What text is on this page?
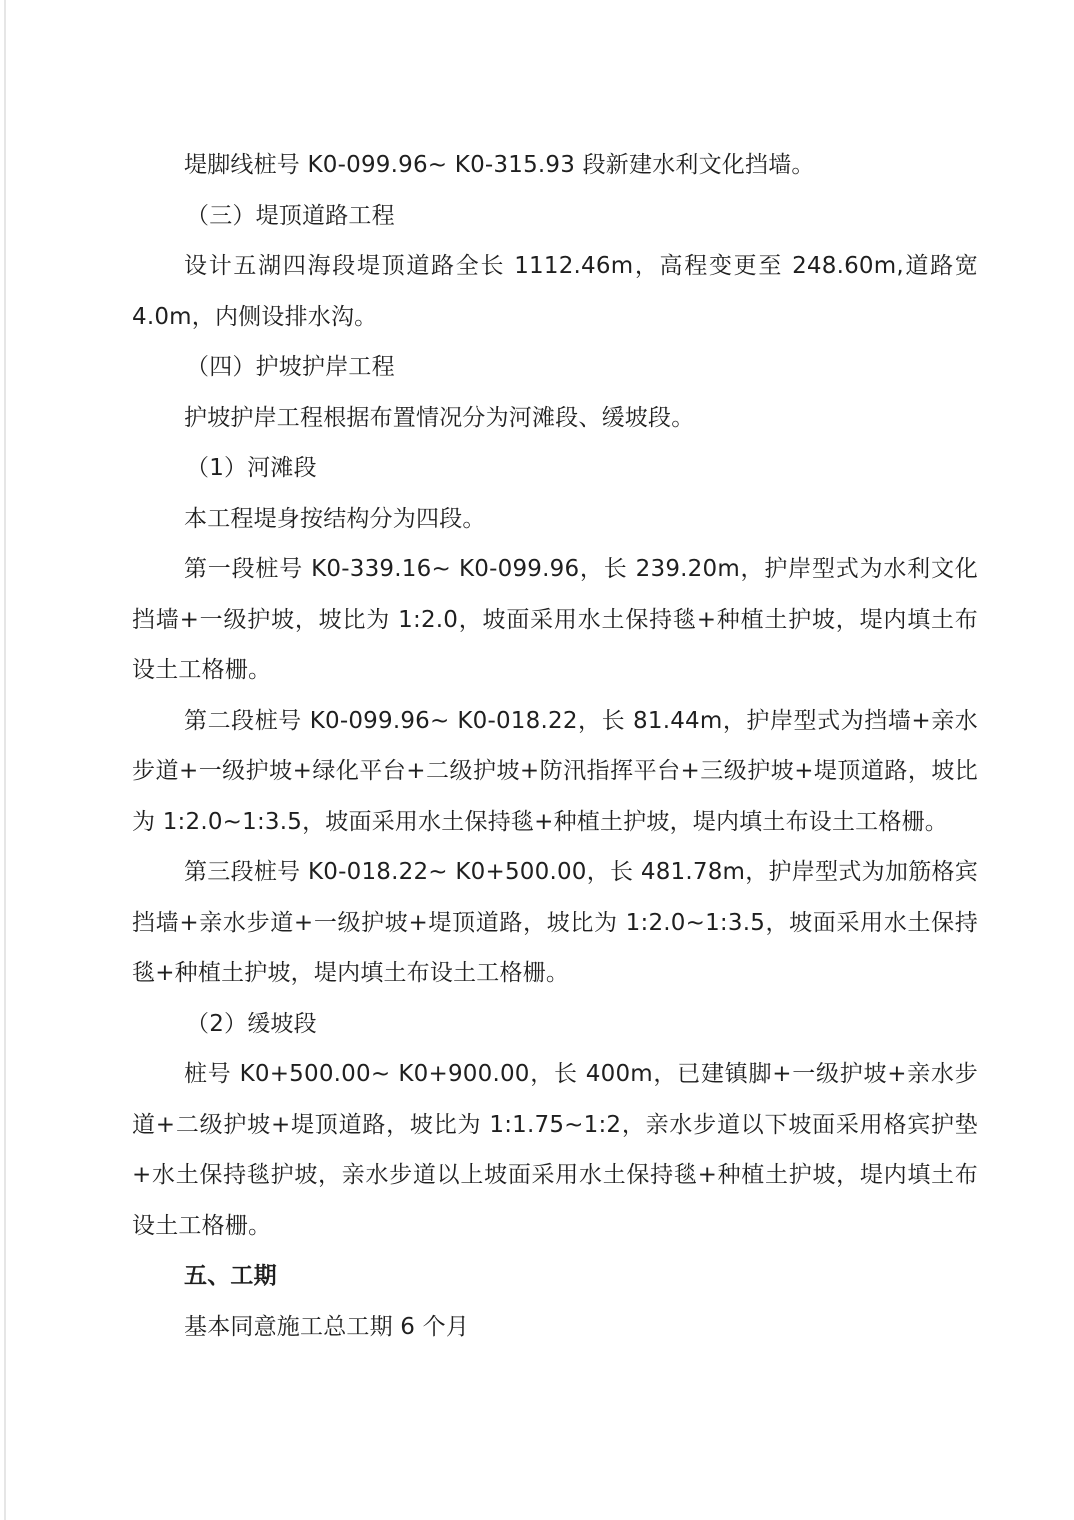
堤脚线桩号 K0-099.96~ K0-315.93 段新建水利文化挡墙。

（三）堤顶道路工程

设计五湖四海段堤顶道路全长 1112.46m，高程变更至 248.60m,道路宽 4.0m，内侧设排水沟。

（四）护坡护岸工程

护坡护岸工程根据布置情况分为河滩段、缓坡段。

（1）河滩段

本工程堤身按结构分为四段。

第一段桩号 K0-339.16~ K0-099.96，长 239.20m，护岸型式为水利文化挡墙+一级护坡，坡比为 1:2.0，坡面采用水土保持毯+种植土护坡，堤内填土布设土工格栅。

第二段桩号 K0-099.96~ K0-018.22，长 81.44m，护岸型式为挡墙+亲水步道+一级护坡+绿化平台+二级护坡+防汛指挥平台+三级护坡+堤顶道路，坡比为 1:2.0~1:3.5，坡面采用水土保持毯+种植土护坡，堤内填土布设土工格栅。

第三段桩号 K0-018.22~ K0+500.00，长 481.78m，护岸型式为加筋格宾挡墙+亲水步道+一级护坡+堤顶道路，坡比为 1:2.0~1:3.5，坡面采用水土保持毯+种植土护坡，堤内填土布设土工格栅。

（2）缓坡段

桩号 K0+500.00~ K0+900.00，长 400m，已建镇脚+一级护坡+亲水步道+二级护坡+堤顶道路，坡比为 1:1.75~1:2，亲水步道以下坡面采用格宾护垫+水土保持毯护坡，亲水步道以上坡面采用水土保持毯+种植土护坡，堤内填土布设土工格栅。

五、工期

基本同意施工总工期 6 个月
